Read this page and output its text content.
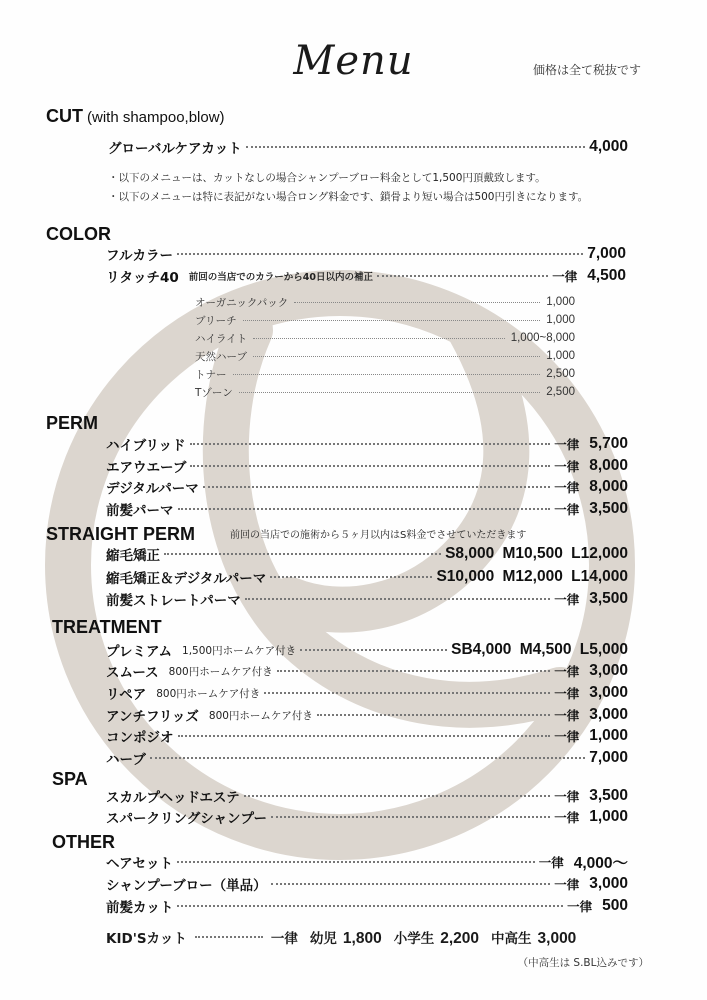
Menu	価格は全て税抜です
CUT (with shampoo,blow)
グローバルケアカット	4,000
・以下のメニューは、カットなしの場合シャンプーブロー料金として1,500円頂戴致します。
・以下のメニューは特に表記がない場合ロング料金です、鎖骨より短い場合は500円引きになります。
COLOR
フルカラー	7,000
リタッチ40 前回の当店でのカラーから40日以内の補正	一律 4,500
オーガニックパック	1,000
ブリーチ	1,000
ハイライト	1,000~8,000
天然ハーブ	1,000
トナー	2,500
Tゾーン	2,500
PERM
ハイブリッド	一律 5,700
エアウエーブ	一律 8,000
デジタルパーマ	一律 8,000
前髪パーマ	一律 3,500
STRAIGHT PERM	前回の当店での施術から５ヶ月以内はS料金でさせていただきます
縮毛矯正	S8,000 M10,500 L12,000
縮毛矯正＆デジタルパーマ	S10,000 M12,000 L14,000
前髪ストレートパーマ	一律 3,500
TREATMENT
プレミアム 1,500円ホームケア付き	SB4,000 M4,500 L5,000
スムース 800円ホームケア付き	一律 3,000
リペア 800円ホームケア付き	一律 3,000
アンチフリッズ 800円ホームケア付き	一律 3,000
コンポジオ	一律 1,000
ハーブ	7,000
SPA
スカルプヘッドエステ	一律 3,500
スパークリングシャンプー	一律 1,000
OTHER
ヘアセット	一律 4,000〜
シャンプーブロー（単品）	一律 3,000
前髪カット	一律 500
KID'Sカット	一律 幼児 1,800 小学生 2,200 中高生 3,000
（中高生は S.BL込みです）
